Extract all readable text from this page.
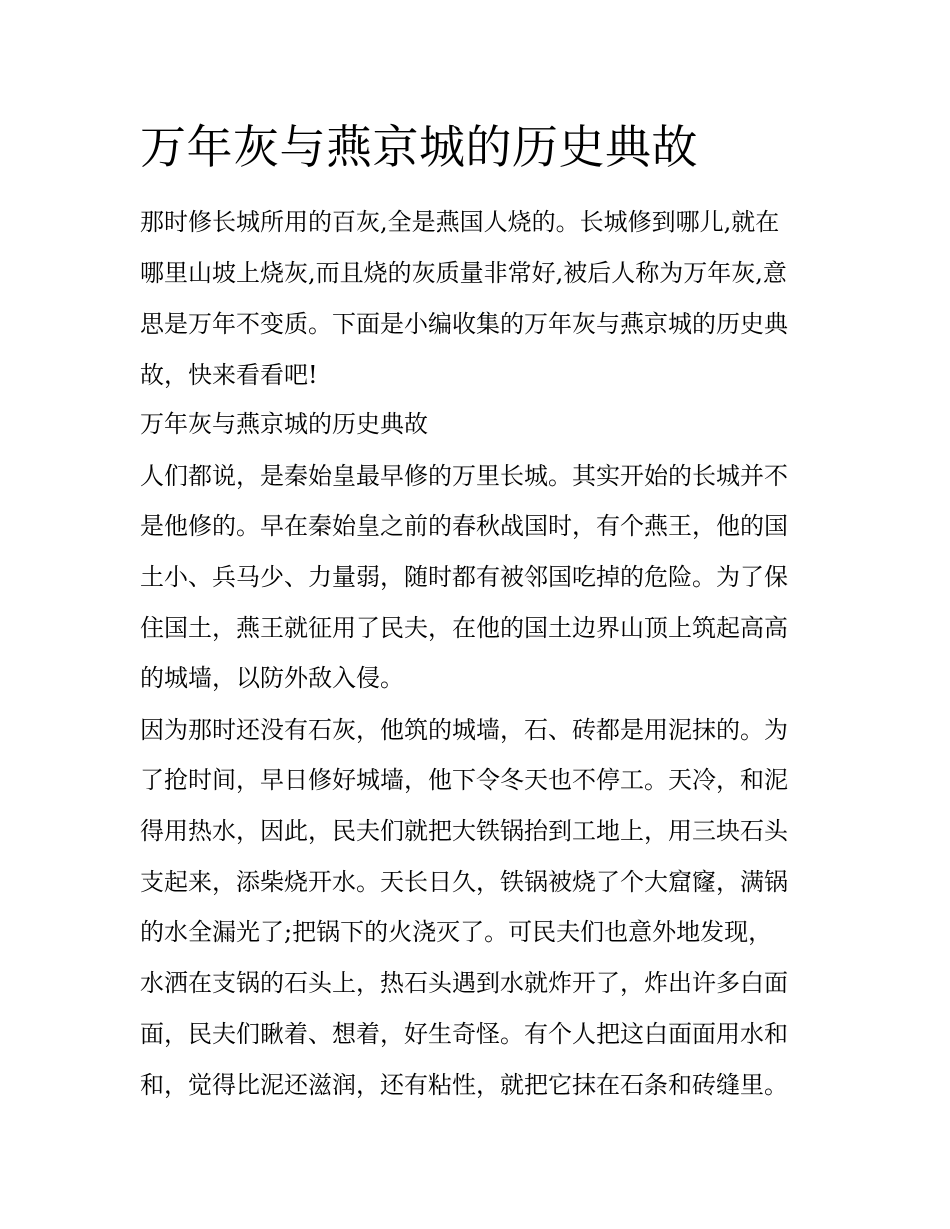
万年灰与燕京城的历史典故

那时修长城所用的百灰,全是燕国人烧的。长城修到哪儿,就在

哪里山坡上烧灰,而且烧的灰质量非常好,被后人称为万年灰,意

思是万年不变质。下面是小编收集的万年灰与燕京城的历史典

故，快来看看吧!

万年灰与燕京城的历史典故

人们都说，是秦始皇最早修的万里长城。其实开始的长城并不

是他修的。早在秦始皇之前的春秋战国时，有个燕王，他的国

土小、兵马少、力量弱，随时都有被邻国吃掉的危险。为了保

住国土，燕王就征用了民夫，在他的国土边界山顶上筑起高高

的城墙，以防外敌入侵。

因为那时还没有石灰，他筑的城墙，石、砖都是用泥抹的。为

了抢时间，早日修好城墙，他下令冬天也不停工。天冷，和泥

得用热水，因此，民夫们就把大铁锅抬到工地上，用三块石头

支起来，添柴烧开水。天长日久，铁锅被烧了个大窟窿，满锅

的水全漏光了;把锅下的火浇灭了。可民夫们也意外地发现，

水洒在支锅的石头上，热石头遇到水就炸开了，炸出许多白面

面，民夫们瞅着、想着，好生奇怪。有个人把这白面面用水和

和，觉得比泥还滋润，还有粘性，就把它抹在石条和砖缝里。
